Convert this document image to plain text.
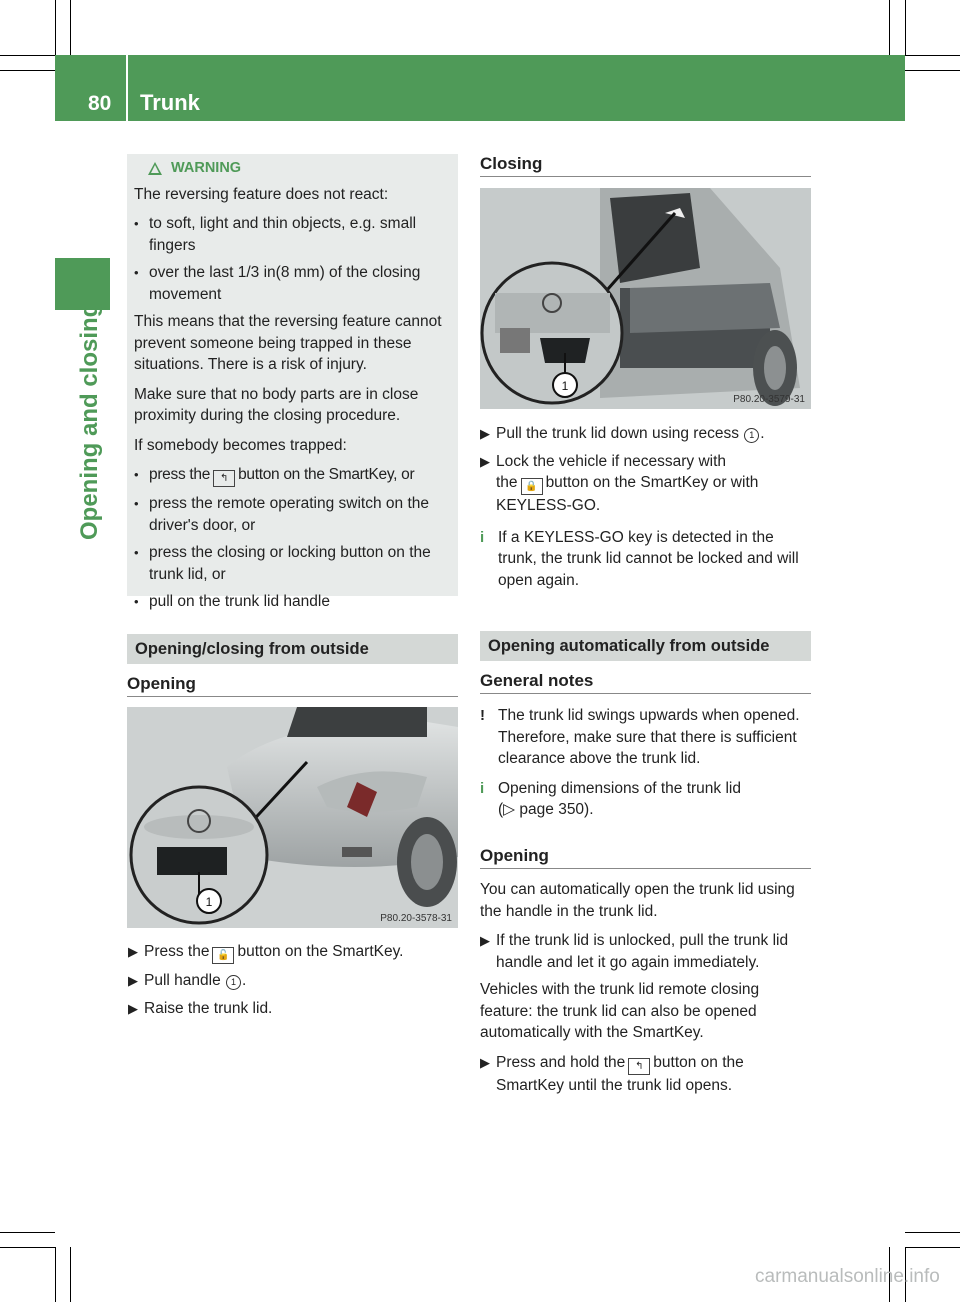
80 Trunk
Opening and closing
WARNING
The reversing feature does not react:
• to soft, light and thin objects, e.g. small fingers
• over the last 1/3 in(8 mm) of the closing movement
This means that the reversing feature cannot prevent someone being trapped in these situations. There is a risk of injury.
Make sure that no body parts are in close proximity during the closing procedure.
If somebody becomes trapped:
• press the ↰ button on the SmartKey, or
• press the remote operating switch on the driver's door, or
• press the closing or locking button on the trunk lid, or
• pull on the trunk lid handle
Opening/closing from outside
Opening
1
P80.20-3578-31
▶ Press the 🔓 button on the SmartKey.
▶ Pull handle 1 .
▶ Raise the trunk lid.
Closing
1
P80.20-3579-31
▶ Pull the trunk lid down using recess 1 .
▶ Lock the vehicle if necessary with
the 🔒 button on the SmartKey or with
KEYLESS-GO.
i If a KEYLESS-GO key is detected in the trunk, the trunk lid cannot be locked and will open again.
Opening automatically from outside
General notes
! The trunk lid swings upwards when opened. Therefore, make sure that there is sufficient clearance above the trunk lid.
i Opening dimensions of the trunk lid
(▷ page 350).
Opening
You can automatically open the trunk lid using the handle in the trunk lid.
▶ If the trunk lid is unlocked, pull the trunk lid handle and let it go again immediately.
Vehicles with the trunk lid remote closing feature: the trunk lid can also be opened automatically with the SmartKey.
▶ Press and hold the ↰ button on the
SmartKey until the trunk lid opens.
carmanualsonline.info
